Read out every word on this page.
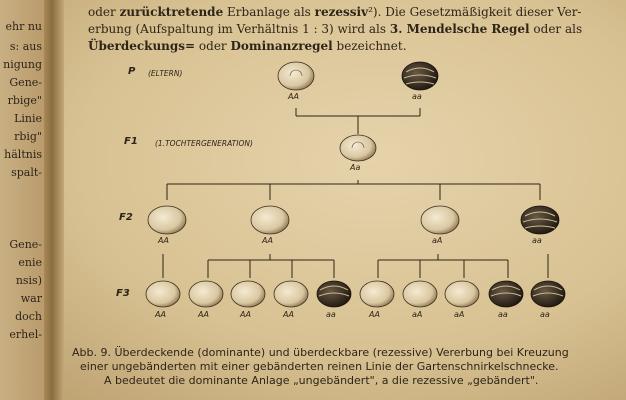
ehr nu
s: aus
nigung
Gene-
rbige"
Linie
rbig"
hältnis
spalt-
Gene-
enie
nsis)
war
doch
erhel-
oder zurücktretende Erbanlage als rezessiv²). Die Gesetzmäßigkeit dieser Ver-
erbung (Aufspaltung im Verhältnis 1 : 3) wird als 3. Mendelsche Regel oder als
Überdeckungs= oder Dominanzregel bezeichnet.
P (ELTERN)
F1 (1.TOCHTERGENERATION)
F2
F3
AA	aa
Aa
AA	AA	aA	aa
AA	AA	AA	AA	aa	AA	aA	aA	aa	aa
Abb. 9. Überdeckende (dominante) und überdeckbare (rezessive) Vererbung bei Kreuzung
einer ungebänderten mit einer gebänderten reinen Linie der Gartenschnirkelschnecke.
A bedeutet die dominante Anlage „ungebändert", a die rezessive „gebändert".
